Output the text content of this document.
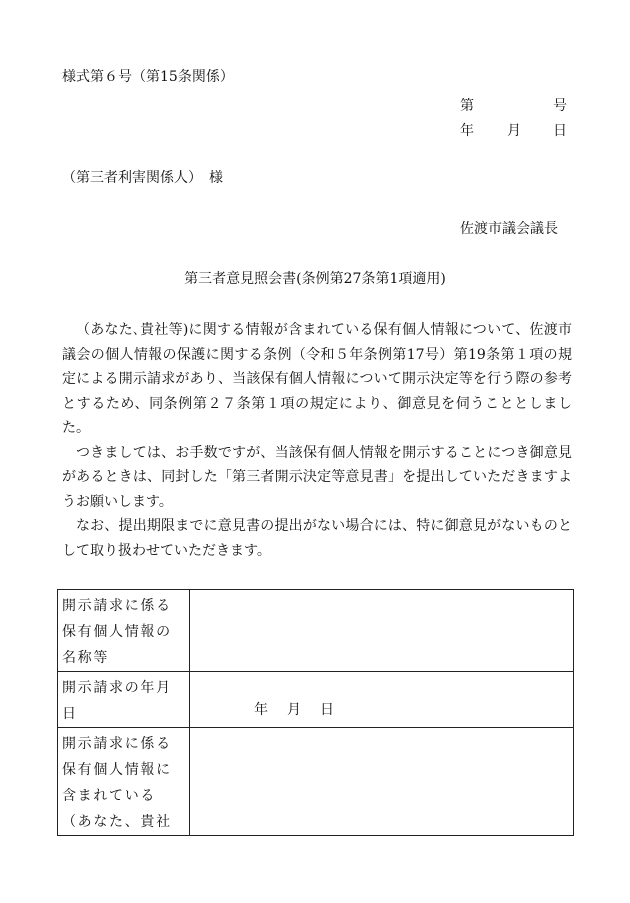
様式第６号（第15条関係）
第	号
年 月 日
（第三者利害関係人）　様
佐渡市議会議長
第三者意見照会書(条例第27条第1項適用)

（あなた､貴社等)に関する情報が含まれている保有個人情報について、佐渡市議会の個人情報の保護に関する条例（令和５年条例第17号）第19条第１項の規定による開示請求があり、当該保有個人情報について開示決定等を行う際の参考とするため、同条例第２７条第１項の規定により、御意見を伺うこととしました。

つきましては、お手数ですが、当該保有個人情報を開示することにつき御意見があるときは、同封した「第三者開示決定等意見書」を提出していただきますようお願いします。

なお、提出期限までに意見書の提出がない場合には、特に御意見がないものとして取り扱わせていただきます。

開示請求に係る
保有個人情報の
名称等	

開示請求の年月
日	年 月 日

開示請求に係る
保有個人情報に
含まれている
（あなた、貴社	
